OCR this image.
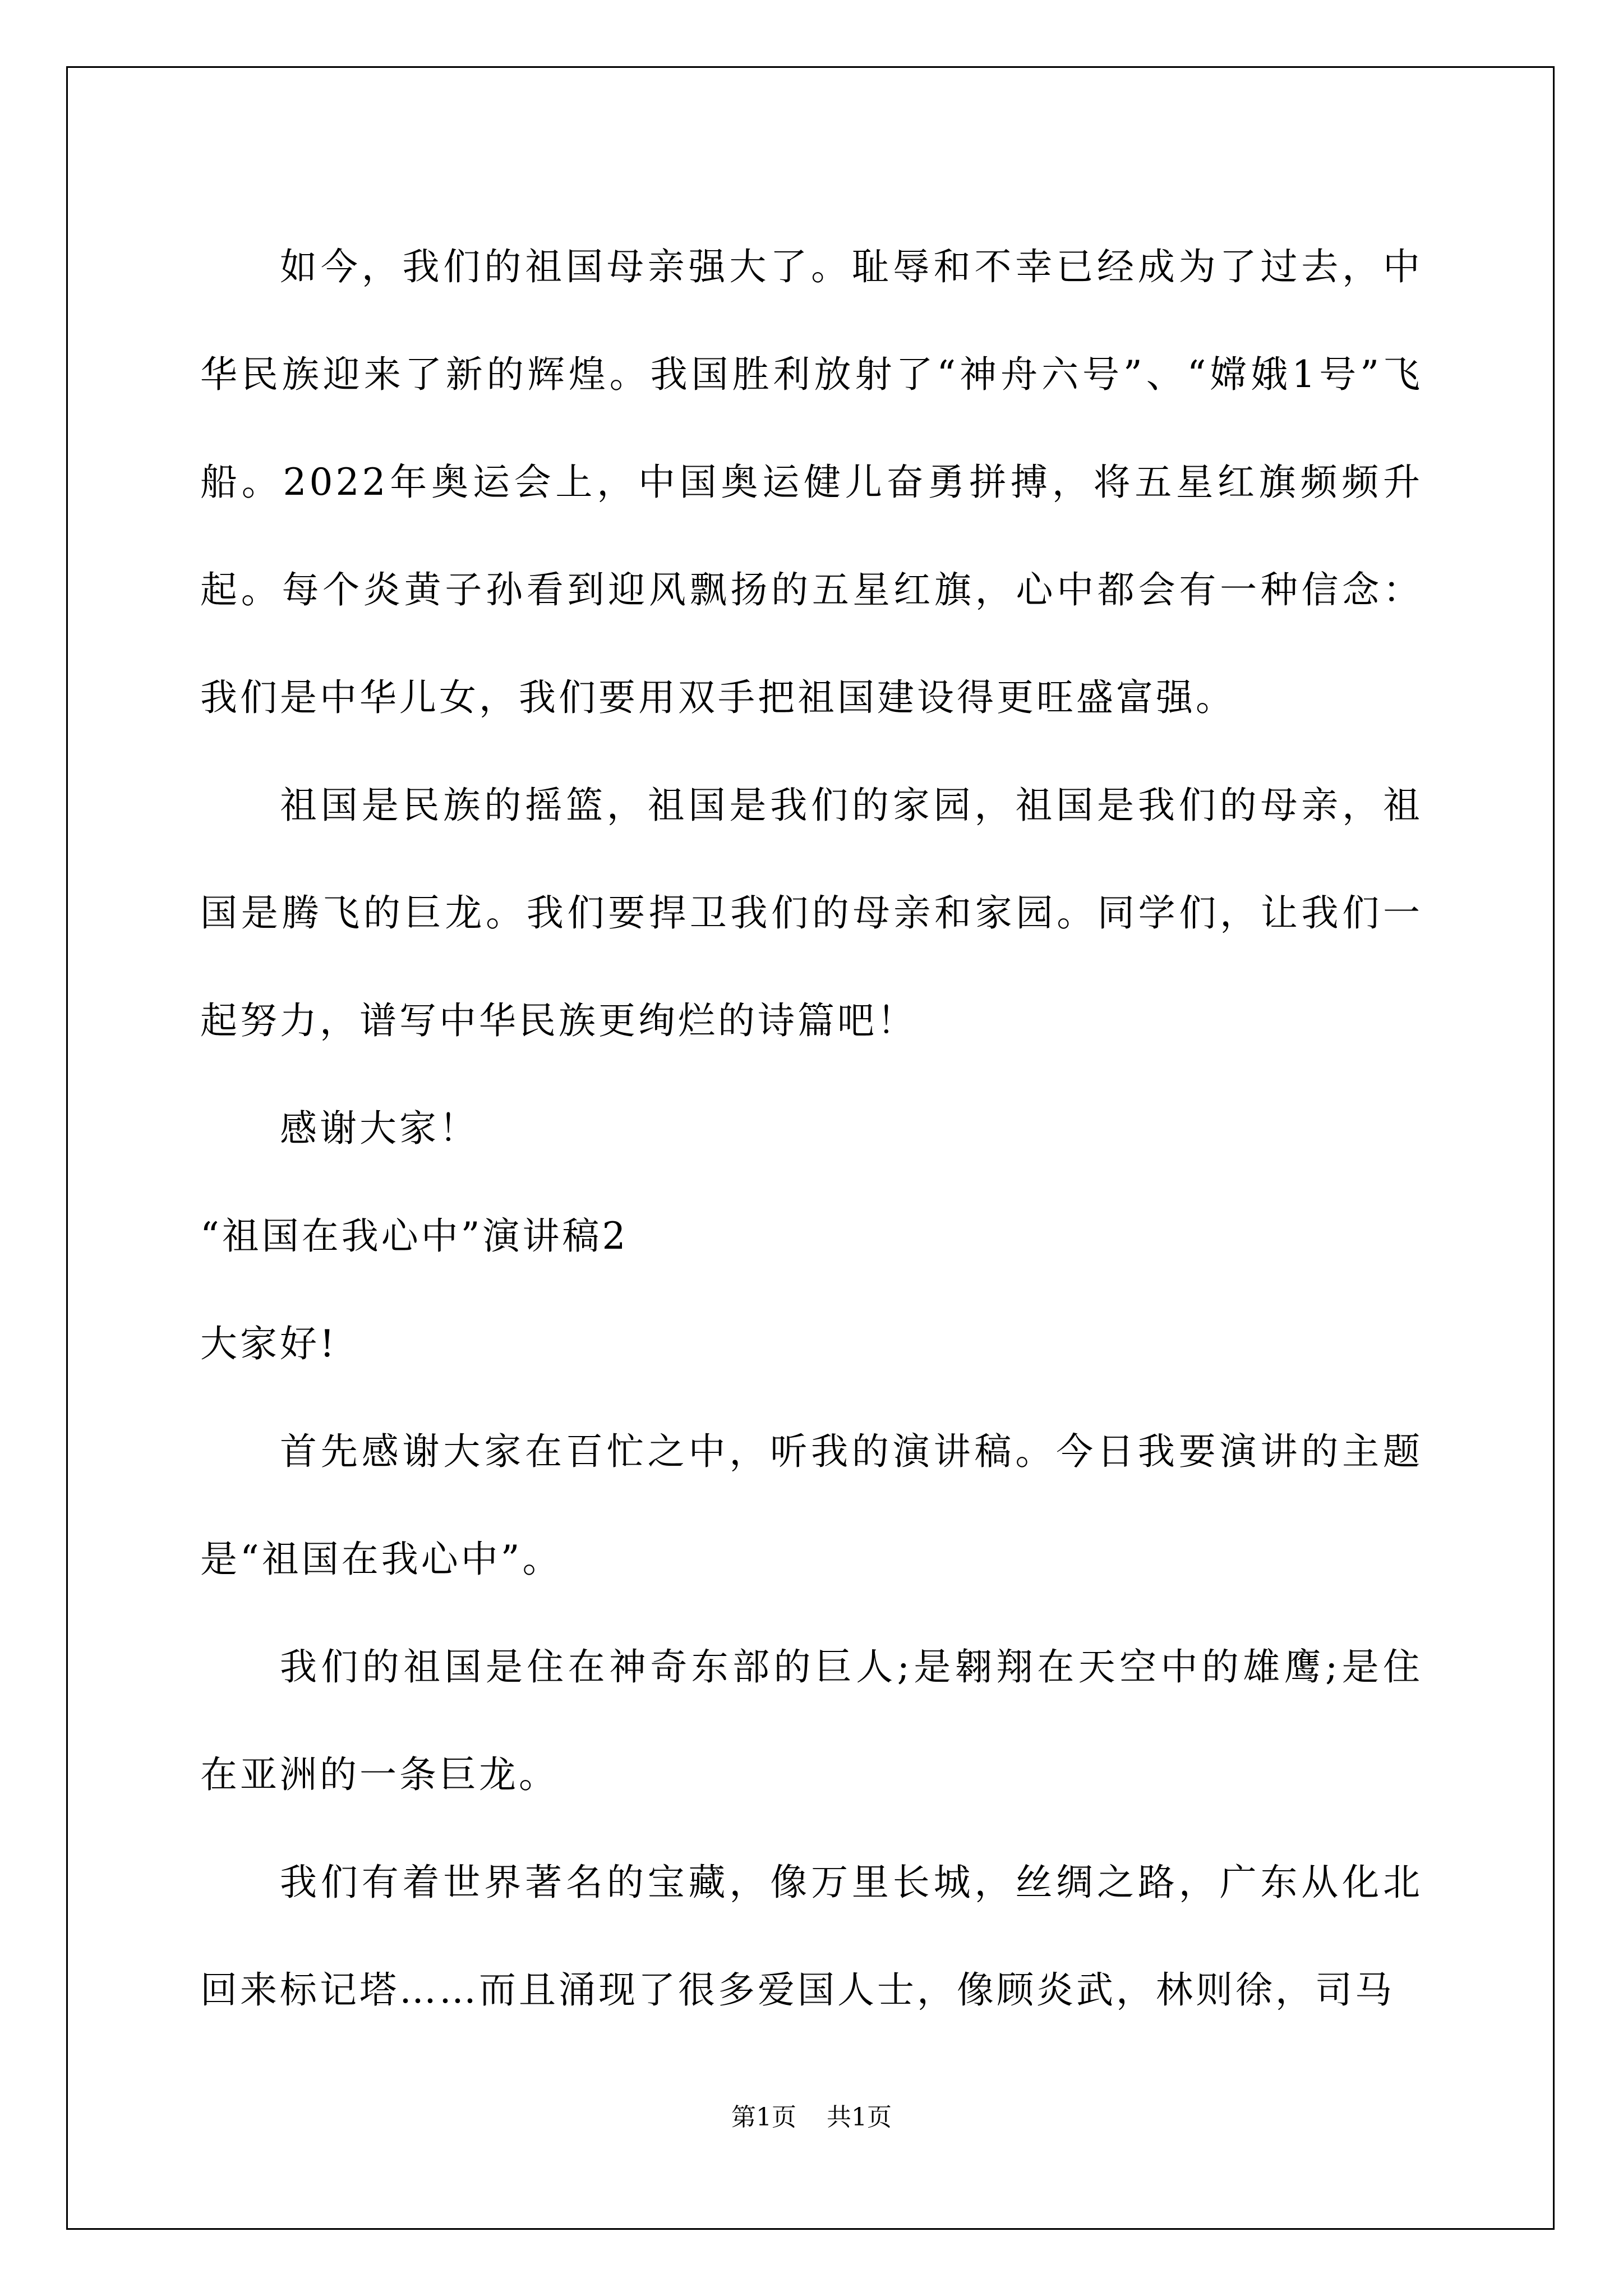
如今，我们的祖国母亲强大了。耻辱和不幸已经成为了过去，中华民族迎来了新的辉煌。我国胜利放射了“神舟六号”、“嫦娥1号”飞船。2022年奥运会上，中国奥运健儿奋勇拼搏，将五星红旗频频升起。每个炎黄子孙看到迎风飘扬的五星红旗，心中都会有一种信念：我们是中华儿女，我们要用双手把祖国建设得更旺盛富强。

祖国是民族的摇篮，祖国是我们的家园，祖国是我们的母亲，祖国是腾飞的巨龙。我们要捍卫我们的母亲和家园。同学们，让我们一起努力，谱写中华民族更绚烂的诗篇吧！

感谢大家！

“祖国在我心中”演讲稿2

大家好!

首先感谢大家在百忙之中，听我的演讲稿。今日我要演讲的主题是“祖国在我心中”。

我们的祖国是住在神奇东部的巨人;是翱翔在天空中的雄鹰;是住在亚洲的一条巨龙。

我们有着世界著名的宝藏，像万里长城，丝绸之路，广东从化北回来标记塔……而且涌现了很多爱国人士，像顾炎武，林则徐，司马

第1页 共1页
